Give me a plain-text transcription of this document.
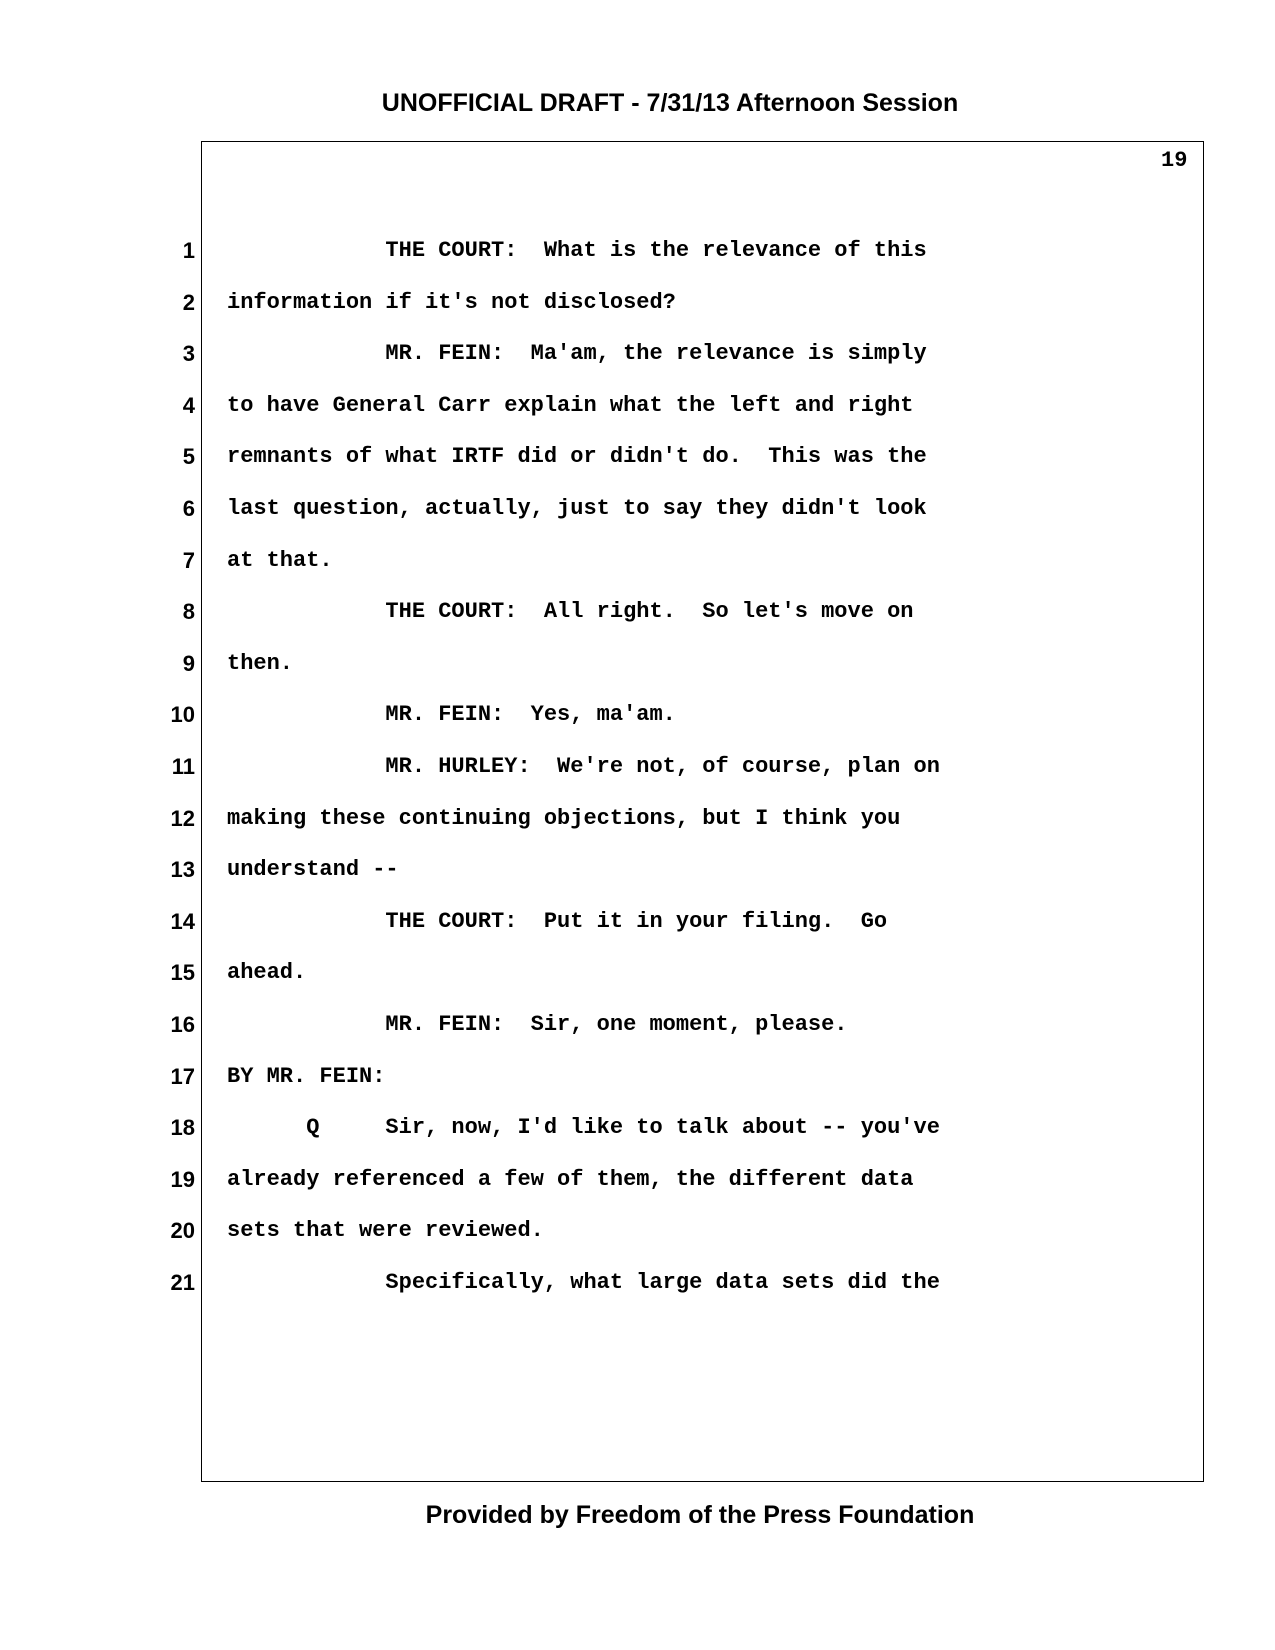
UNOFFICIAL DRAFT - 7/31/13 Afternoon Session
19
1 THE COURT:  What is the relevance of this
2 information if it's not disclosed?
3 MR. FEIN:  Ma'am, the relevance is simply
4 to have General Carr explain what the left and right
5 remnants of what IRTF did or didn't do.  This was the
6 last question, actually, just to say they didn't look
7 at that.
8 THE COURT:  All right.  So let's move on
9 then.
10 MR. FEIN:  Yes, ma'am.
11 MR. HURLEY:  We're not, of course, plan on
12 making these continuing objections, but I think you
13 understand --
14 THE COURT:  Put it in your filing.  Go
15 ahead.
16 MR. FEIN:  Sir, one moment, please.
17 BY MR. FEIN:
18 Q     Sir, now, I'd like to talk about -- you've
19 already referenced a few of them, the different data
20 sets that were reviewed.
21 Specifically, what large data sets did the
Provided by Freedom of the Press Foundation
